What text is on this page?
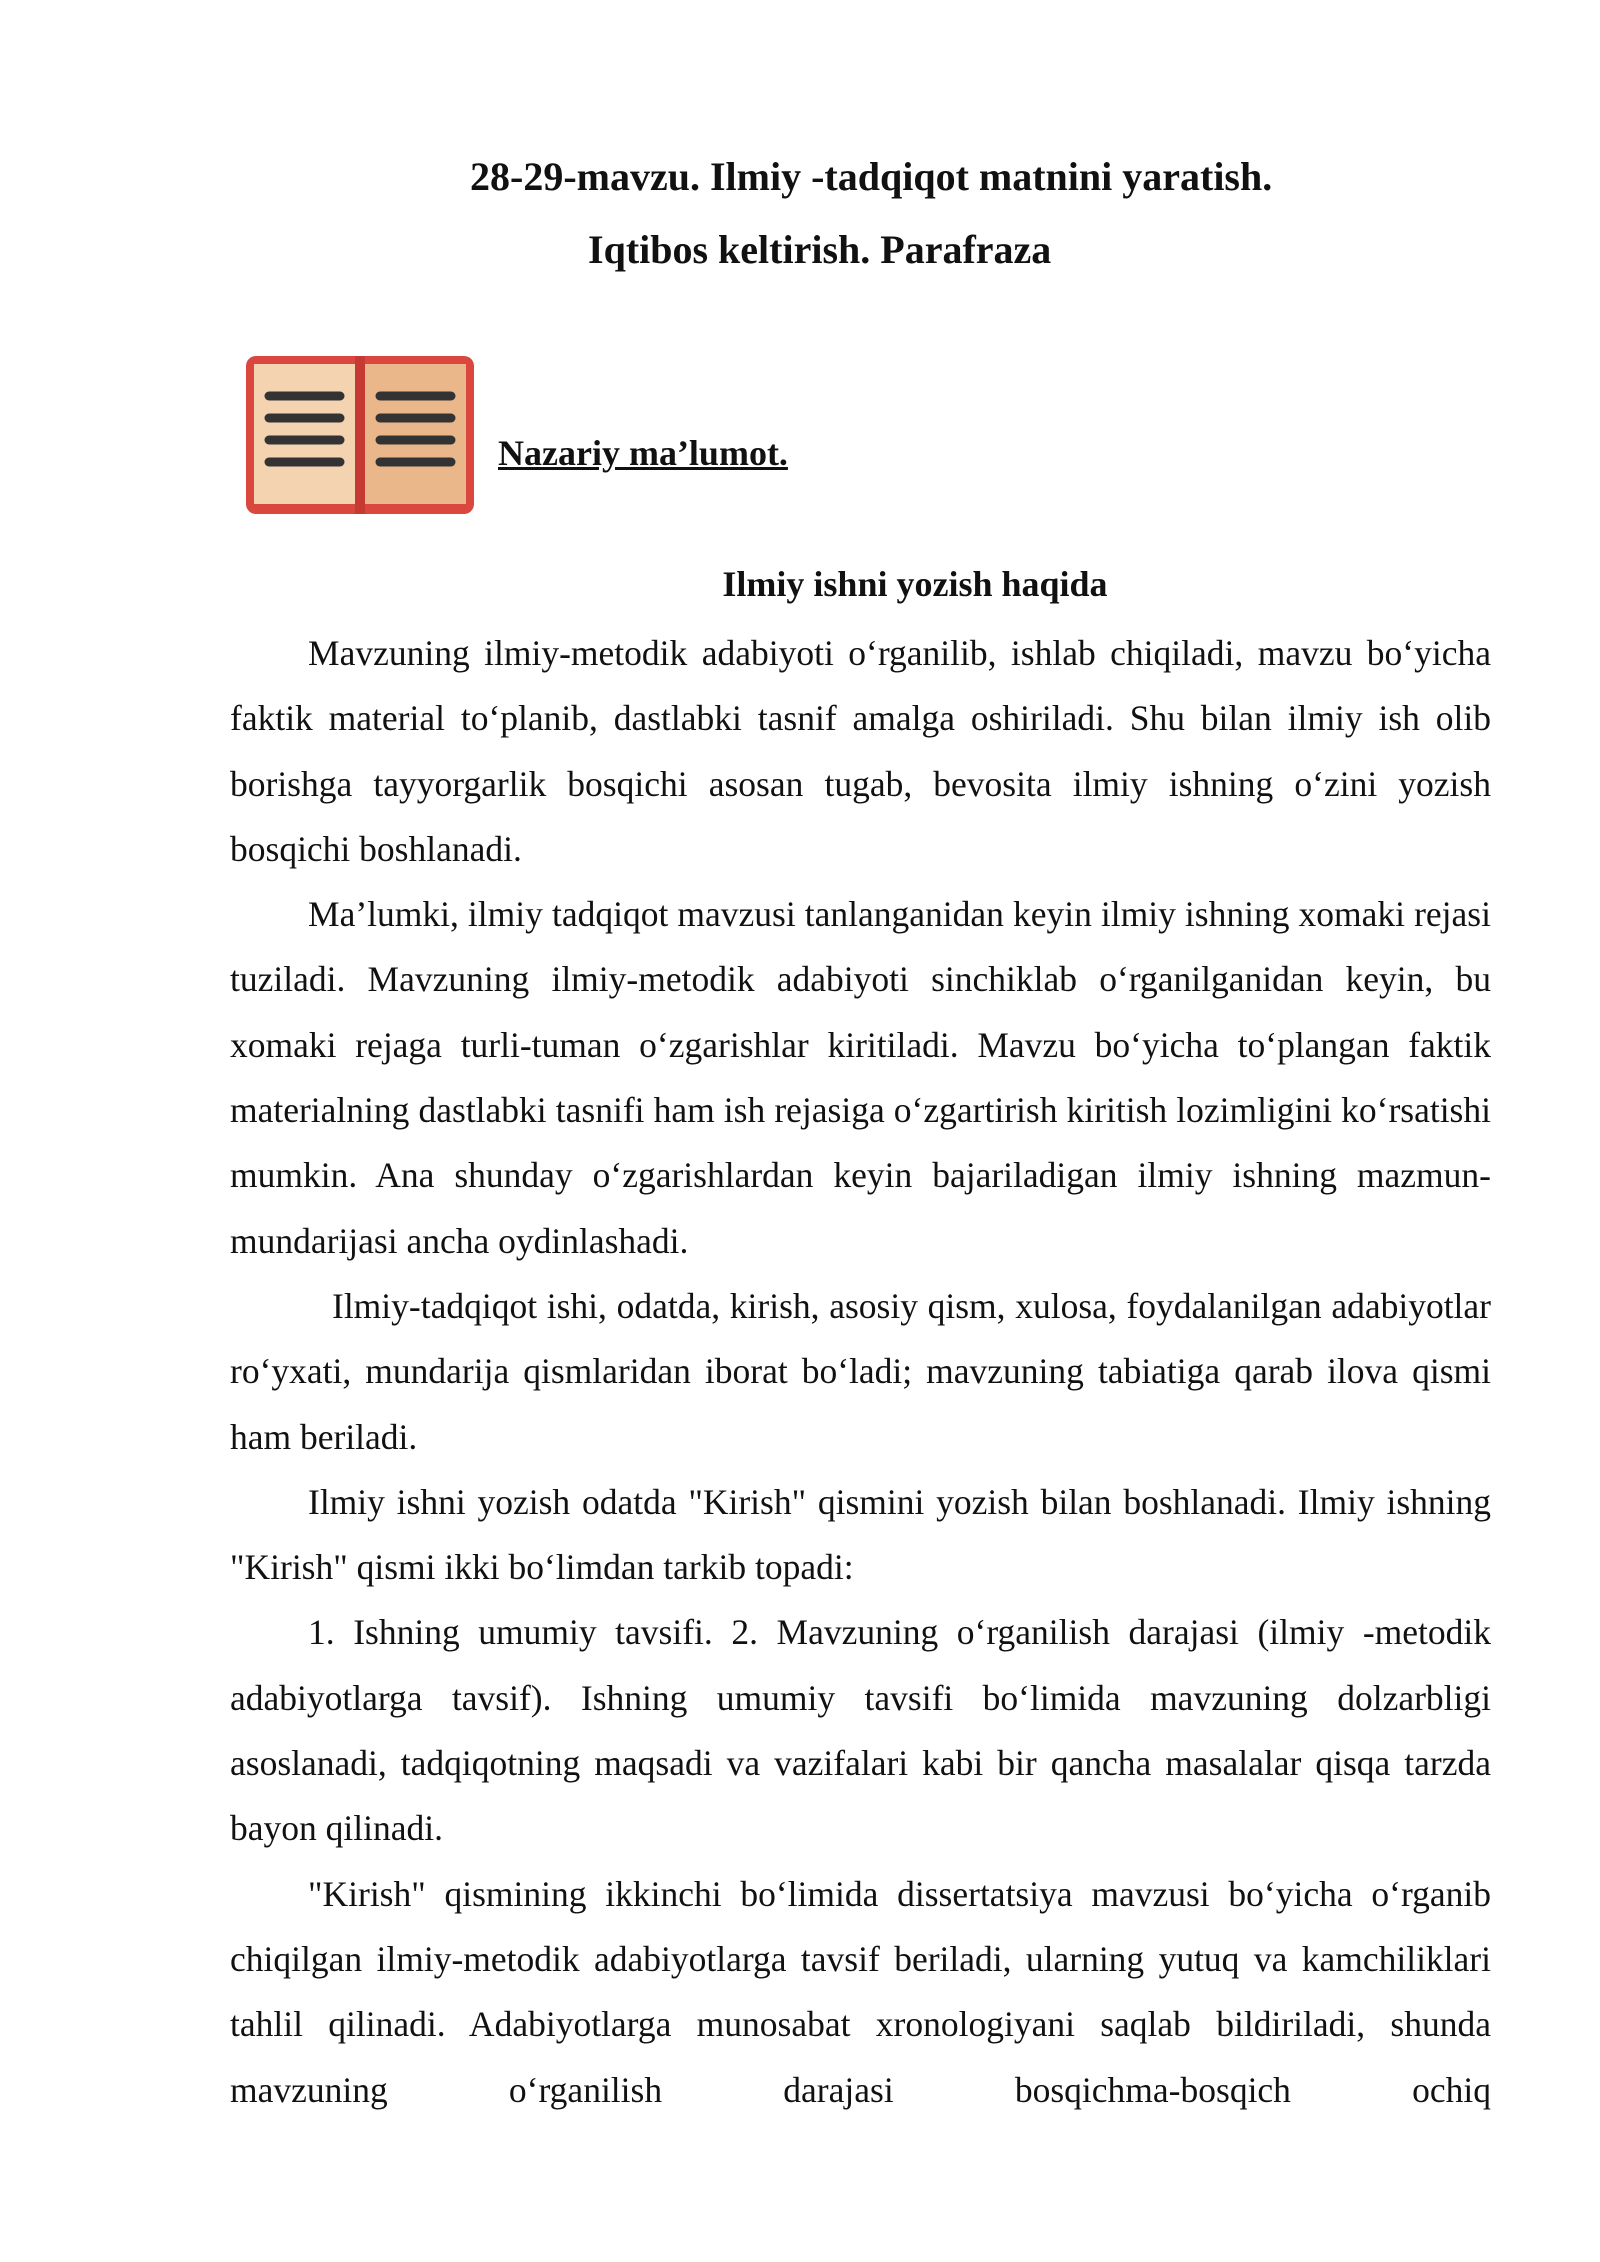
28-29-mavzu. Ilmiy -tadqiqot matnini yaratish.
Iqtibos keltirish. Parafraza
Nazariy ma’lumot.
Ilmiy ishni yozish haqida

Mavzuning ilmiy-metodik adabiyoti o‘rganilib, ishlab chiqiladi, mavzu bo‘yicha faktik material to‘planib, dastlabki tasnif amalga oshiriladi. Shu bilan ilmiy ish olib borishga tayyorgarlik bosqichi asosan tugab, bevosita ilmiy ishning o‘zini yozish bosqichi boshlanadi.

Ma’lumki, ilmiy tadqiqot mavzusi tanlanganidan keyin ilmiy ishning xomaki rejasi tuziladi. Mavzuning ilmiy-metodik adabiyoti sinchiklab o‘rganilganidan keyin, bu xomaki rejaga turli-tuman o‘zgarishlar kiritiladi. Mavzu bo‘yicha to‘plangan faktik materialning dastlabki tasnifi ham ish rejasiga o‘zgartirish kiritish lozimligini ko‘rsatishi mumkin. Ana shunday o‘zgarishlardan keyin bajariladigan ilmiy ishning mazmun-mundarijasi ancha oydinlashadi.

Ilmiy-tadqiqot ishi, odatda, kirish, asosiy qism, xulosa, foydalanilgan adabiyotlar ro‘yxati, mundarija qismlaridan iborat bo‘ladi; mavzuning tabiatiga qarab ilova qismi ham beriladi.

Ilmiy ishni yozish odatda "Kirish" qismini yozish bilan boshlanadi. Ilmiy ishning "Kirish" qismi ikki bo‘limdan tarkib topadi:

1. Ishning umumiy tavsifi. 2. Mavzuning o‘rganilish darajasi (ilmiy -metodik adabiyotlarga tavsif). Ishning umumiy tavsifi bo‘limida mavzuning dolzarbligi asoslanadi, tadqiqotning maqsadi va vazifalari kabi bir qancha masalalar qisqa tarzda bayon qilinadi.

"Kirish" qismining ikkinchi bo‘limida dissertatsiya mavzusi bo‘yicha o‘rganib chiqilgan ilmiy-metodik adabiyotlarga tavsif beriladi, ularning yutuq va kamchiliklari tahlil qilinadi. Adabiyotlarga munosabat xronologiyani saqlab bildiriladi, shunda mavzuning o‘rganilish darajasi bosqichma-bosqich ochiq
